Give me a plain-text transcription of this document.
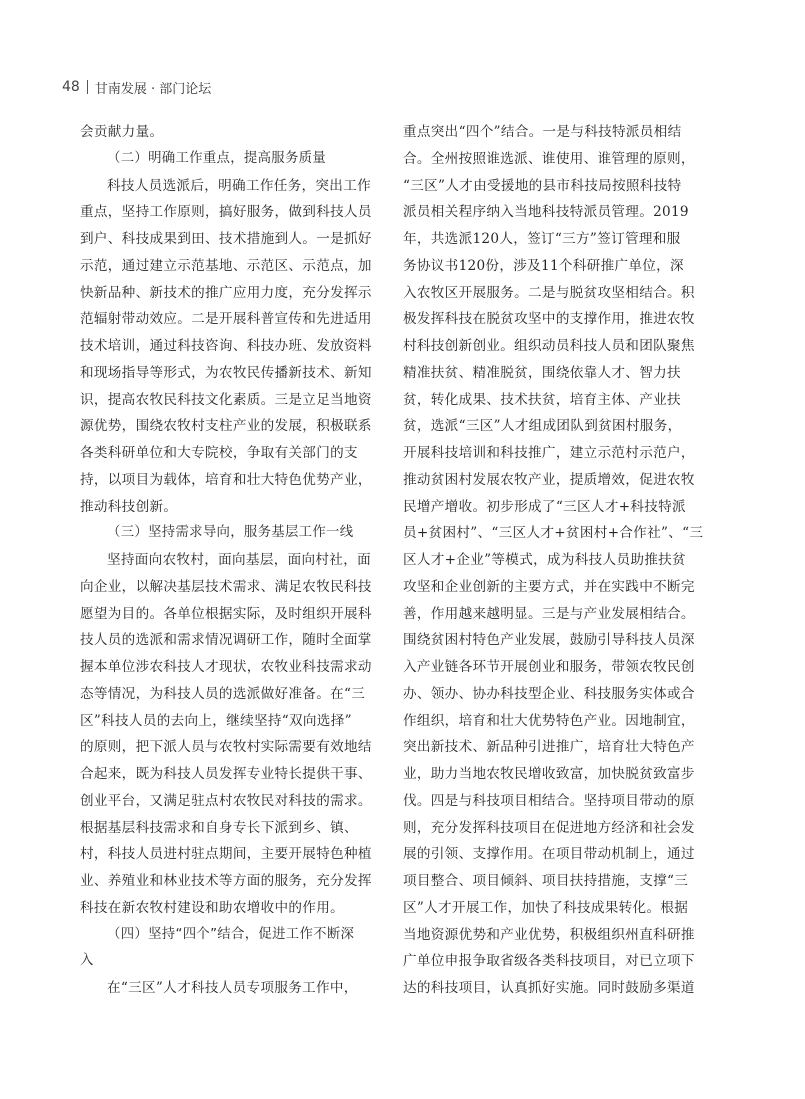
48 甘南发展 · 部门论坛
会贡献力量。
（二）明确工作重点，提高服务质量
科技人员选派后，明确工作任务，突出工作
重点，坚持工作原则，搞好服务，做到科技人员
到户、科技成果到田、技术措施到人。一是抓好
示范，通过建立示范基地、示范区、示范点，加
快新品种、新技术的推广应用力度，充分发挥示
范辐射带动效应。二是开展科普宣传和先进适用
技术培训，通过科技咨询、科技办班、发放资料
和现场指导等形式，为农牧民传播新技术、新知
识，提高农牧民科技文化素质。三是立足当地资
源优势，围绕农牧村支柱产业的发展，积极联系
各类科研单位和大专院校，争取有关部门的支
持，以项目为载体，培育和壮大特色优势产业，
推动科技创新。
（三）坚持需求导向，服务基层工作一线
坚持面向农牧村，面向基层，面向村社，面
向企业，以解决基层技术需求、满足农牧民科技
愿望为目的。各单位根据实际，及时组织开展科
技人员的选派和需求情况调研工作，随时全面掌
握本单位涉农科技人才现状，农牧业科技需求动
态等情况，为科技人员的选派做好准备。在“三
区”科技人员的去向上，继续坚持“双向选择”
的原则，把下派人员与农牧村实际需要有效地结
合起来，既为科技人员发挥专业特长提供干事、
创业平台，又满足驻点村农牧民对科技的需求。
根据基层科技需求和自身专长下派到乡、镇、
村，科技人员进村驻点期间，主要开展特色种植
业、养殖业和林业技术等方面的服务，充分发挥
科技在新农牧村建设和助农增收中的作用。
（四）坚持“四个”结合，促进工作不断深
入
在“三区”人才科技人员专项服务工作中，
重点突出“四个”结合。一是与科技特派员相结
合。全州按照谁选派、谁使用、谁管理的原则，
“三区”人才由受援地的县市科技局按照科技特
派员相关程序纳入当地科技特派员管理。2019
年，共选派120人，签订“三方”签订管理和服
务协议书120份，涉及11个科研推广单位，深
入农牧区开展服务。二是与脱贫攻坚相结合。积
极发挥科技在脱贫攻坚中的支撑作用，推进农牧
村科技创新创业。组织动员科技人员和团队聚焦
精准扶贫、精准脱贫，围绕依靠人才、智力扶
贫，转化成果、技术扶贫，培育主体、产业扶
贫，选派“三区”人才组成团队到贫困村服务，
开展科技培训和科技推广，建立示范村示范户，
推动贫困村发展农牧产业，提质增效，促进农牧
民增产增收。初步形成了“三区人才+科技特派
员+贫困村”、“三区人才+贫困村+合作社”、“三
区人才+企业”等模式，成为科技人员助推扶贫
攻坚和企业创新的主要方式，并在实践中不断完
善，作用越来越明显。三是与产业发展相结合。
围绕贫困村特色产业发展，鼓励引导科技人员深
入产业链各环节开展创业和服务，带领农牧民创
办、领办、协办科技型企业、科技服务实体或合
作组织，培育和壮大优势特色产业。因地制宜，
突出新技术、新品种引进推广，培育壮大特色产
业，助力当地农牧民增收致富，加快脱贫致富步
伐。四是与科技项目相结合。坚持项目带动的原
则，充分发挥科技项目在促进地方经济和社会发
展的引领、支撑作用。在项目带动机制上，通过
项目整合、项目倾斜、项目扶持措施，支撑“三
区”人才开展工作，加快了科技成果转化。根据
当地资源优势和产业优势，积极组织州直科研推
广单位申报争取省级各类科技项目，对已立项下
达的科技项目，认真抓好实施。同时鼓励多渠道
